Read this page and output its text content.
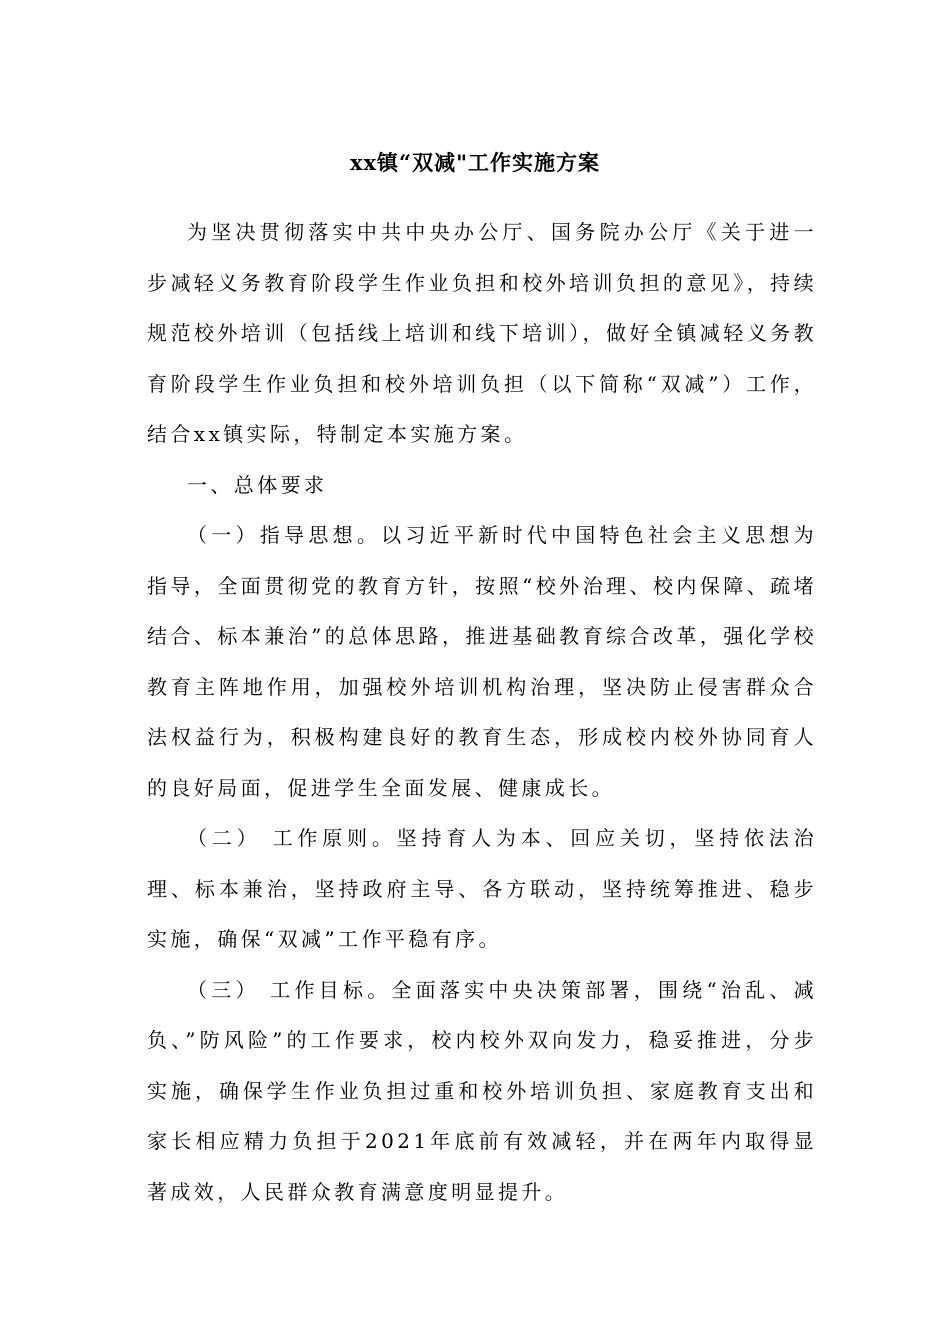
xx镇“双减"工作实施方案

为坚决贯彻落实中共中央办公厅、国务院办公厅《关于进一步减轻义务教育阶段学生作业负担和校外培训负担的意见》，持续规范校外培训（包括线上培训和线下培训），做好全镇减轻义务教育阶段学生作业负担和校外培训负担（以下简称“双减”）工作，结合xx镇实际，特制定本实施方案。

一、总体要求

（一）指导思想。以习近平新时代中国特色社会主义思想为指导，全面贯彻党的教育方针，按照“校外治理、校内保障、疏堵结合、标本兼治”的总体思路，推进基础教育综合改革，强化学校教育主阵地作用，加强校外培训机构治理，坚决防止侵害群众合法权益行为，积极构建良好的教育生态，形成校内校外协同育人的良好局面，促进学生全面发展、健康成长。

（二） 工作原则。坚持育人为本、回应关切，坚持依法治理、标本兼治，坚持政府主导、各方联动，坚持统筹推进、稳步实施，确保“双减”工作平稳有序。

（三） 工作目标。全面落实中央决策部署，围绕“治乱、减负、”防风险”的工作要求，校内校外双向发力，稳妥推进，分步实施，确保学生作业负担过重和校外培训负担、家庭教育支出和家长相应精力负担于2021年底前有效减轻，并在两年内取得显著成效，人民群众教育满意度明显提升。
